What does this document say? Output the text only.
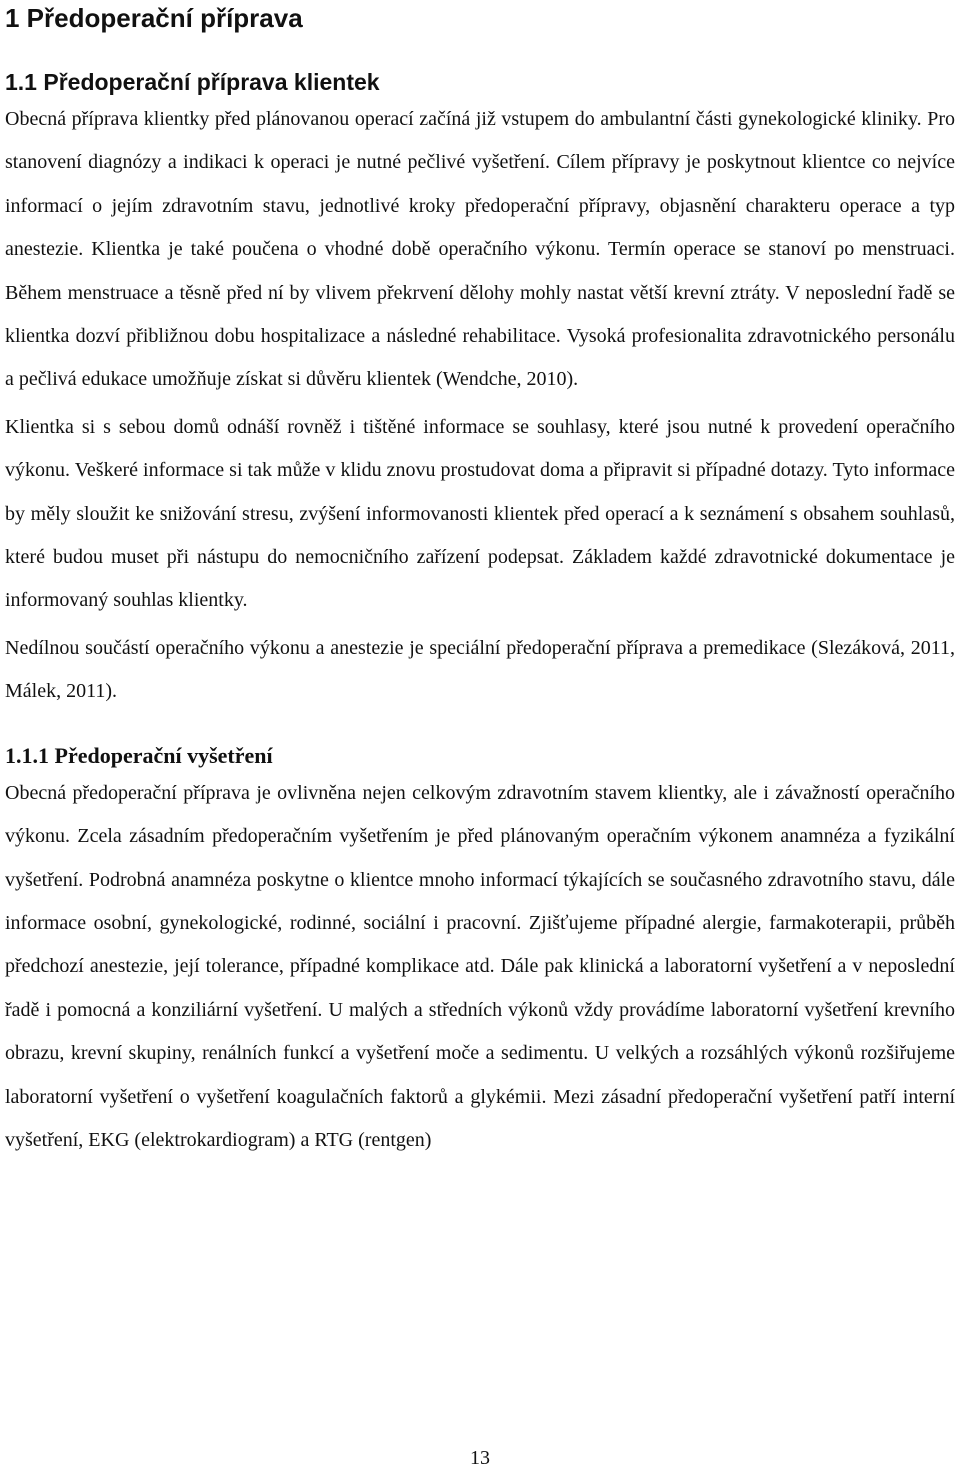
1 Předoperační příprava
1.1 Předoperační příprava klientek

Obecná příprava klientky před plánovanou operací začíná již vstupem do ambulantní části gynekologické kliniky. Pro stanovení diagnózy a indikaci k operaci je nutné pečlivé vyšetření. Cílem přípravy je poskytnout klientce co nejvíce informací o jejím zdravotním stavu, jednotlivé kroky předoperační přípravy, objasnění charakteru operace a typ anestezie. Klientka je také poučena o vhodné době operačního výkonu. Termín operace se stanoví po menstruaci. Během menstruace a těsně před ní by vlivem překrvení dělohy mohly nastat větší krevní ztráty. V neposlední řadě se klientka dozví přibližnou dobu hospitalizace a následné rehabilitace. Vysoká profesionalita zdravotnického personálu a pečlivá edukace umožňuje získat si důvěru klientek (Wendche, 2010).

Klientka si s sebou domů odnáší rovněž i tištěné informace se souhlasy, které jsou nutné k provedení operačního výkonu. Veškeré informace si tak může v klidu znovu prostudovat doma a připravit si případné dotazy. Tyto informace by měly sloužit ke snižování stresu, zvýšení informovanosti klientek před operací a k seznámení s obsahem souhlasů, které budou muset při nástupu do nemocničního zařízení podepsat. Základem každé zdravotnické dokumentace je informovaný souhlas klientky.

Nedílnou součástí operačního výkonu a anestezie je speciální předoperační příprava a premedikace (Slezáková, 2011, Málek, 2011).

1.1.1 Předoperační vyšetření

Obecná předoperační příprava je ovlivněna nejen celkovým zdravotním stavem klientky, ale i závažností operačního výkonu. Zcela zásadním předoperačním vyšetřením je před plánovaným operačním výkonem anamnéza a fyzikální vyšetření. Podrobná anamnéza poskytne o klientce mnoho informací týkajících se současného zdravotního stavu, dále informace osobní, gynekologické, rodinné, sociální i pracovní. Zjišťujeme případné alergie, farmakoterapii, průběh předchozí anestezie, její tolerance, případné komplikace atd. Dále pak klinická a laboratorní vyšetření a v neposlední řadě i pomocná a konziliární vyšetření. U malých a středních výkonů vždy provádíme laboratorní vyšetření krevního obrazu, krevní skupiny, renálních funkcí a vyšetření moče a sedimentu. U velkých a rozsáhlých výkonů rozšiřujeme laboratorní vyšetření o vyšetření koagulačních faktorů a glykémii. Mezi zásadní předoperační vyšetření patří interní vyšetření, EKG (elektrokardiogram) a RTG (rentgen)

13
